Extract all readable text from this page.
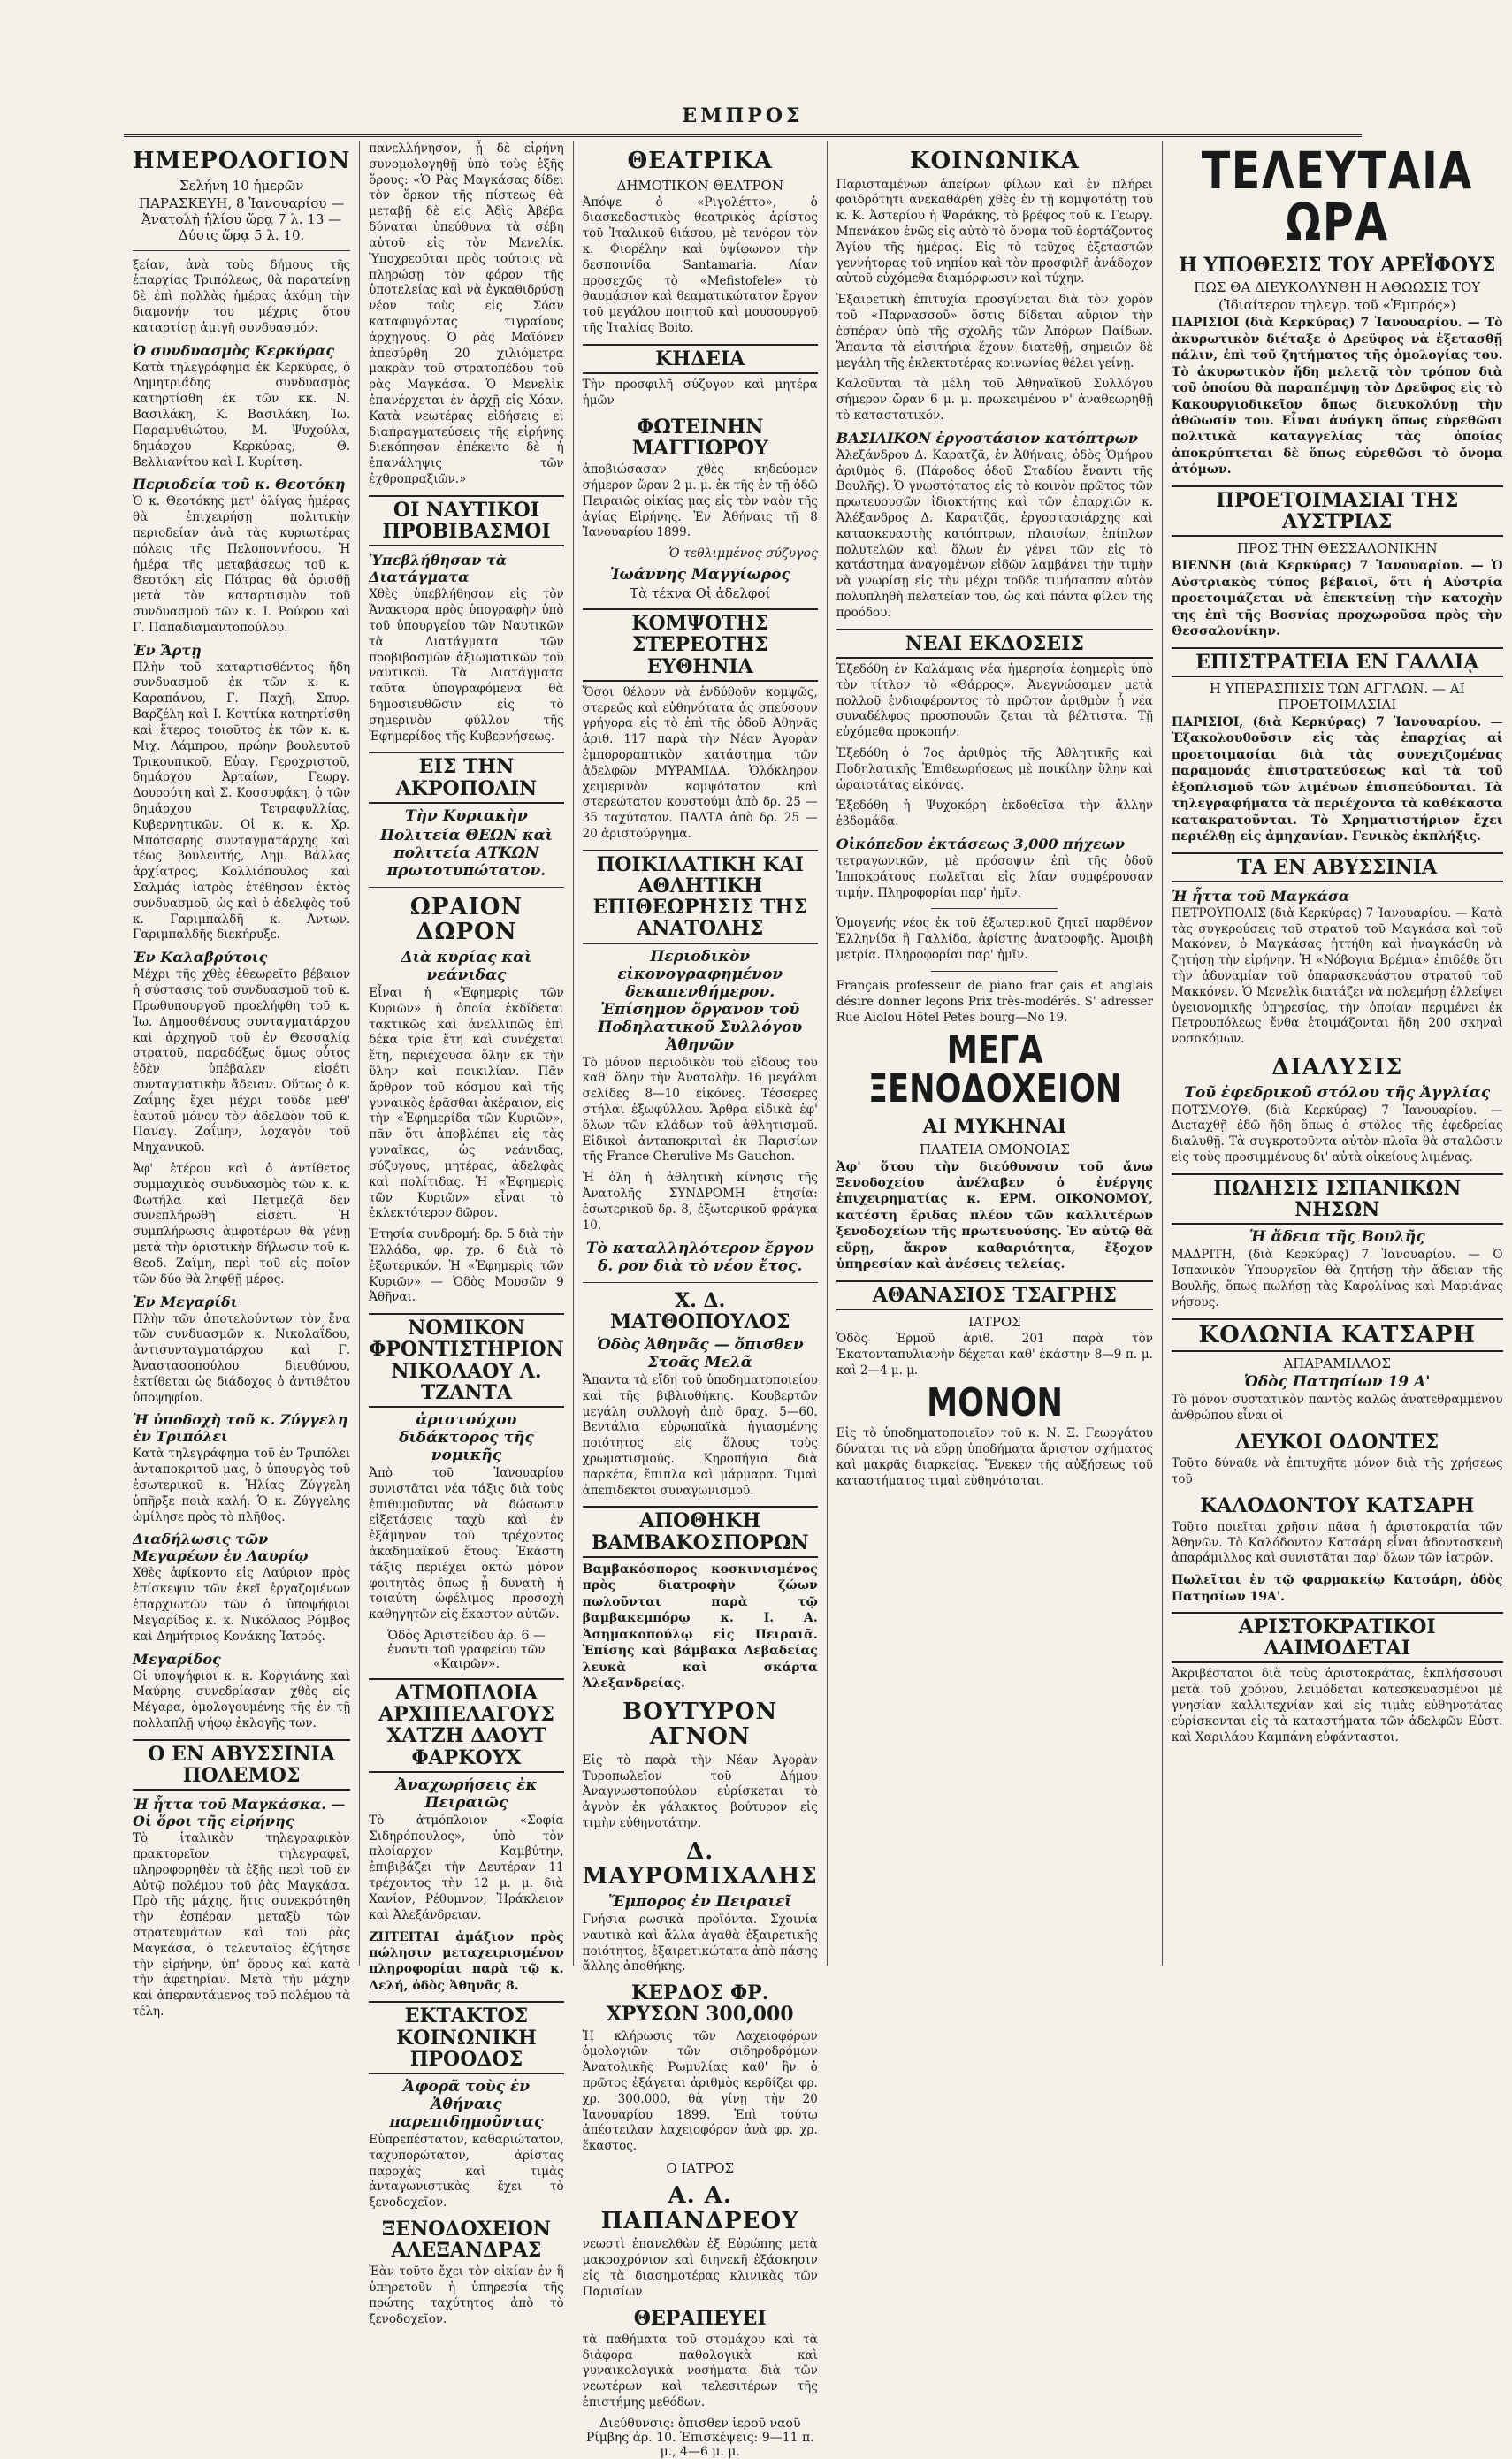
ΕΜΠΡΟΣ
ΗΜΕΡΟΛΟΓΙΟΝ
Σελήνη 10 ἡμερῶν
ΠΑΡΑΣΚΕΥΗ, 8 Ἰανουαρίου — Ἀνατολὴ ἡλίου ὥρᾳ 7 λ. 13 — Δύσις ὥρᾳ 5 λ. 10.

ξείαν, ἀνὰ τοὺς δήμους τῆς ἐπαρχίας Τριπόλεως, θὰ παρατείνῃ δὲ ἐπὶ πολλὰς ἡμέρας ἀκόμη τὴν διαμονήν του μέχρις ὅτου καταρτίσῃ ἀμιγῆ συνδυασμόν.

Ὁ συνδυασμὸς Κερκύρας

Κατὰ τηλεγράφημα ἐκ Κερκύρας, ὁ Δημητριάδης συνδυασμὸς κατηρτίσθη ἐκ τῶν κκ. Ν. Βασιλάκη, Κ. Βασιλάκη, Ἰω. Παραμυθιώτου, Μ. Ψυχούλα, δημάρχου Κερκύρας, Θ. Βελλιανίτου καὶ Ι. Κυρίτση.

Περιοδεία τοῦ κ. Θεοτόκη

Ὁ κ. Θεοτόκης μετ' ὀλίγας ἡμέρας θὰ ἐπιχειρήσῃ πολιτικὴν περιοδείαν ἀνὰ τὰς κυριωτέρας πόλεις τῆς Πελοποννήσου. Ἡ ἡμέρα τῆς μεταβάσεως τοῦ κ. Θεοτόκη εἰς Πάτρας θὰ ὁρισθῇ μετὰ τὸν καταρτισμὸν τοῦ συνδυασμοῦ τῶν κ. Ι. Ρούφου καὶ Γ. Παπαδιαμαντοπούλου.

Ἐν Ἄρτῃ

Πλὴν τοῦ καταρτισθέντος ἤδη συνδυασμοῦ ἐκ τῶν κ. κ. Καραπάνου, Γ. Παχῆ, Σπυρ. Βαρζέλη καὶ Ι. Κοττίκα κατηρτίσθη καὶ ἕτερος τοιοῦτος ἐκ τῶν κ. κ. Μιχ. Λάμπρου, πρώην βουλευτοῦ Τρικουπικοῦ, Εὐαγ. Γεροχριστοῦ, δημάρχου Ἀρταίων, Γεωργ. Δουρούτη καὶ Σ. Κοσσυφάκη, ὁ τῶν δημάρχου Τετραφυλλίας, Κυβερνητικῶν. Οἱ κ. κ. Χρ. Μπότσαρης συνταγματάρχης καὶ τέως βουλευτής, Δημ. Βάλλας ἀρχίατρος, Κολλιόπουλος καὶ Σαλμάς ἰατρὸς ἐτέθησαν ἐκτὸς συνδυασμοῦ, ὡς καὶ ὁ ἀδελφὸς τοῦ κ. Γαριμπαλδῆ κ. Ἀντων. Γαριμπαλδῆς διεκήρυξε.

Ἐν Καλαβρύτοις

Μέχρι τῆς χθὲς ἐθεωρεῖτο βέβαιον ἡ σύστασις τοῦ συνδυασμοῦ τοῦ κ. Πρωθυπουργοῦ προελήφθη τοῦ κ. Ἰω. Δημοσθένους συνταγματάρχου καὶ ἀρχηγοῦ τοῦ ἐν Θεσσαλίᾳ στρατοῦ, παραδόξως ὅμως οὗτος ἐδὲν ὑπέβαλεν εἰσέτι συνταγματικὴν ἄδειαν. Οὕτως ὁ κ. Ζαΐμης ἔχει μέχρι τοῦδε μεθ' ἑαυτοῦ μόνον τὸν ἀδελφὸν τοῦ κ. Παναγ. Ζαΐμην, λοχαγὸν τοῦ Μηχανικοῦ.

Ἀφ' ἑτέρου καὶ ὁ ἀντίθετος συμμαχικὸς συνδυασμὸς τῶν κ. κ. Φωτήλα καὶ Πετμεζᾶ δὲν συνεπλήρωθη εἰσέτι. Ἡ συμπλήρωσις ἀμφοτέρων θὰ γένῃ μετὰ τὴν ὁριστικὴν δήλωσιν τοῦ κ. Θεοδ. Ζαΐμη, περὶ τοῦ εἰς ποῖον τῶν δύο θὰ ληφθῇ μέρος.

Ἐν Μεγαρίδι

Πλὴν τῶν ἀποτελούντων τὸν ἕνα τῶν συνδυασμῶν κ. Νικολαΐδου, ἀντισυνταγματάρχου καὶ Γ. Ἀναστασοπούλου διευθύνου, ἐκτίθεται ὡς διάδοχος ὁ ἀντιθέτου ὑποψηφίου.

Ἡ ὑποδοχὴ τοῦ κ. Ζύγγελη ἐν Τριπόλει

Κατὰ τηλεγράφημα τοῦ ἐν Τριπόλει ἀνταποκριτοῦ μας, ὁ ὑπουργὸς τοῦ ἐσωτερικοῦ κ. Ἠλίας Ζύγγελη ὑπῆρξε ποιὰ καλή. Ὁ κ. Ζύγγελης ὡμίλησε πρὸς τὸ πλῆθος.

Διαδήλωσις τῶν Μεγαρέων ἐν Λαυρίῳ

Χθὲς ἀφίκοντο εἰς Λαύριον πρὸς ἐπίσκεψιν τῶν ἐκεῖ ἐργαζομένων ἐπαρχιωτῶν τῶν ὁ ὑποψήφιοι Μεγαρίδος κ. κ. Νικόλαος Ρόμβος καὶ Δημήτριος Κονάκης Ἰατρός.

Μεγαρίδος

Οἱ ὑποψήφιοι κ. κ. Κοργιάνης καὶ Μαύρης συνεδρίασαν χθὲς εἰς Μέγαρα, ὁμολογουμένης τῆς ἐν τῇ πολλαπλῇ ψήφῳ ἐκλογῆς των.

Ο ΕΝ ΑΒΥΣΣΙΝΙΑ ΠΟΛΕΜΟΣ
Ἡ ἧττα τοῦ Μαγκάσκα. — Οἱ ὅροι τῆς εἰρήνης

Τὸ ἰταλικὸν τηλεγραφικὸν πρακτορεῖον τηλεγραφεῖ, πληροφορηθὲν τὰ ἐξῆς περὶ τοῦ ἐν Αὐτῷ πολέμου τοῦ ῥὰς Μαγκάσα. Πρὸ τῆς μάχης, ἥτις συνεκρότηθη τὴν ἐσπέραν μεταξὺ τῶν στρατευμάτων καὶ τοῦ ῥὰς Μαγκάσα, ὁ τελευταῖος ἐζήτησε τὴν εἰρήνην, ὑπ' ὅρους καὶ κατὰ τὴν ἀφετηρίαν. Μετὰ τὴν μάχην καὶ ἀπεραντάμενος τοῦ πολέμου τὰ τέλη.

πανελλήνησον, ᾗ δὲ εἰρήνη συνομολογηθῇ ὑπὸ τοὺς ἑξῆς ὅρους: «Ὁ Ρὰς Μαγκάσας δίδει τὸν ὅρκον τῆς πίστεως θὰ μεταβῇ δὲ εἰς Ἀδὶς Ἀβέβα δύναται ὑπεύθυνα τὰ σέβη αὐτοῦ εἰς τὸν Μενελίκ. Ὑποχρεοῦται πρὸς τούτοις νὰ πληρώσῃ τὸν φόρον τῆς ὑποτελείας καὶ νὰ ἐγκαθιδρύσῃ νέον τοὺς εἰς Σόαν καταφυγόντας τιγραίους ἀρχηγούς. Ὁ ρὰς Μαϊόνεν ἀπεσύρθη 20 χιλιόμετρα μακρὰν τοῦ στρατοπέδου τοῦ ρὰς Μαγκάσα. Ὁ Μενελὶκ ἐπανέρχεται ἐν ἀρχῇ εἰς Χόαν. Κατὰ νεωτέρας εἰδήσεις εἰ διαπραγματεύσεις τῆς εἰρήνης διεκόπησαν ἐπέκειτο δὲ ἡ ἐπανάληψις τῶν ἐχθροπραξιῶν.»

ΟΙ ΝΑΥΤΙΚΟΙ ΠΡΟΒΙΒΑΣΜΟΙ
Ὑπεβλήθησαν τὰ Διατάγματα

Χθὲς ὑπεβλήθησαν εἰς τὸν Ἄνακτορα πρὸς ὑπογραφὴν ὑπὸ τοῦ ὑπουργείου τῶν Ναυτικῶν τὰ Διατάγματα τῶν προβιβασμῶν ἀξιωματικῶν τοῦ ναυτικοῦ. Τὰ Διατάγματα ταῦτα ὑπογραφόμενα θὰ δημοσιευθῶσιν εἰς τὸ σημερινὸν φύλλον τῆς Ἐφημερίδος τῆς Κυβερνήσεως.

ΕΙΣ ΤΗΝ ΑΚΡΟΠΟΛΙΝ
Τὴν Κυριακὴν
Πολιτεία ΘΕΩΝ καὶ πολιτεία ΑΤΚΩΝ πρωτοτυπώτατον.
ΩΡΑΙΟΝ ΔΩΡΟΝ
Διὰ κυρίας καὶ νεάνιδας

Εἶναι ἡ «Ἐφημερὶς τῶν Κυριῶν» ἡ ὁποία ἐκδίδεται τακτικῶς καὶ ἀνελλιπῶς ἐπὶ δέκα τρία ἔτη καὶ συνέχεται ἔτη, περιέχουσα ὅλην ἐκ τὴν ὕλην καὶ ποικιλίαν. Πᾶν ἄρθρον τοῦ κόσμου καὶ τῆς γυναικὸς ἐρᾶσθαι ἀκέραιον, εἰς τὴν «Ἐφημερίδα τῶν Κυριῶν», πᾶν ὅτι ἀποβλέπει εἰς τὰς γυναῖκας, ὡς νεάνιδας, σύζυγους, μητέρας, ἀδελφὰς καὶ πολίτιδας. Ἡ «Ἐφημερὶς τῶν Κυριῶν» εἶναι τὸ ἐκλεκτότερον δῶρον.

Ἐτησία συνδρομή: δρ. 5 διὰ τὴν Ἑλλάδα, φρ. χρ. 6 διὰ τὸ ἐξωτερικόν. Ἡ «Ἐφημερὶς τῶν Κυριῶν» — Ὁδὸς Μουσῶν 9 Ἀθῆναι.

ΝΟΜΙΚΟΝ ΦΡΟΝΤΙΣΤΗΡΙΟΝ ΝΙΚΟΛΑΟΥ Λ. ΤΖΑΝΤΑ
ἀριστούχου διδάκτορος τῆς νομικῆς

Ἀπὸ τοῦ Ἰανουαρίου συνιστᾶται νέα τάξις διὰ τοὺς ἐπιθυμοῦντας νὰ δώσωσιν εἰξετάσεις ταχὺ καὶ ἐν ἐξάμηνον τοῦ τρέχοντος ἀκαδημαϊκοῦ ἔτους. Ἑκάστη τάξις περιέχει ὀκτὼ μόνον φοιτητὰς ὅπως ᾖ δυνατὴ ἡ τοιαύτη ὠφέλιμος προσοχὴ καθηγητῶν εἰς ἕκαστον αὐτῶν.

Ὁδὸς Ἀριστείδου ἀρ. 6 — ἐναντι τοῦ γραφείου τῶν «Καιρῶν».
ΑΤΜΟΠΛΟΙΑ ΑΡΧΙΠΕΛΑΓΟΥΣ ΧΑΤΖΗ ΔΑΟΥΤ ΦΑΡΚΟΥΧ
Ἀναχωρήσεις ἐκ Πειραιῶς

Τὸ ἀτμόπλοιον «Σοφία Σιδηρόπουλος», ὑπὸ τὸν πλοίαρχον Καμβύτην, ἐπιβιβάζει τὴν Δευτέραν 11 τρέχοντος τὴν 12 μ. μ. διὰ Χανίον, Ρέθυμνον, Ἡράκλειον καὶ Ἀλεξάνδρειαν.

ΖΗΤΕΙΤΑΙ ἀμάξιον πρὸς πώλησιν μεταχειρισμένον πληροφορίαι παρὰ τῷ κ. Δελή, ὁδὸς Ἀθηνᾶς 8.

ΕΚΤΑΚΤΟΣ ΚΟΙΝΩΝΙΚΗ ΠΡΟΟΔΟΣ
Ἀφορᾶ τοὺς ἐν Ἀθήναις παρεπιδημοῦντας

Εὐπρεπέστατον, καθαριώτατον, ταχυπορώτατον, ἀρίστας παροχὰς καὶ τιμὰς ἀνταγωνιστικὰς ἔχει τὸ ξενοδοχεῖον.

ΞΕΝΟΔΟΧΕΙΟΝ ΑΛΕΞΑΝΔΡΑΣ

Ἐὰν τοῦτο ἔχει τὸν οἰκίαν ἐν ἣ ὑπηρετοῦν ἡ ὑπηρεσία τῆς πρώτης ταχύτητος ἀπὸ τὸ ξενοδοχεῖον.

ΘΕΑΤΡΙΚΑ
ΔΗΜΟΤΙΚΟΝ ΘΕΑΤΡΟΝ

Ἀπόψε ὁ «Ριγολέττο», ὁ διασκεδαστικὸς θεατρικὸς ἀρίστος τοῦ Ἰταλικοῦ θιάσου, μὲ τενόρον τὸν κ. Φιορέλην καὶ ὑψίφωνον τὴν δεσποινίδα Santamaria. Λίαν προσεχῶς τὸ «Mefistofele» τὸ θαυμάσιον καὶ θεαματικώτατον ἔργον τοῦ μεγάλου ποιητοῦ καὶ μουσουργοῦ τῆς Ἰταλίας Boito.

ΚΗΔΕΙΑ

Τὴν προσφιλῆ σύζυγον καὶ μητέρα ἡμῶν

ΦΩΤΕΙΝΗΝ ΜΑΓΓΙΩΡΟΥ

ἀποβιώσασαν χθὲς κηδεύομεν σήμερον ὥραν 2 μ. μ. ἐκ τῆς ἐν τῇ ὁδῷ Πειραιῶς οἰκίας μας εἰς τὸν ναὸν τῆς ἁγίας Εἰρήνης. Ἐν Ἀθήναις τῇ 8 Ἰανουαρίου 1899.

Ὁ τεθλιμμένος σύζυγος
Ἰωάννης Μαγγίωρος
Τὰ τέκνα Οἱ ἀδελφοί
ΚΟΜΨΟΤΗΣ ΣΤΕΡΕΟΤΗΣ ΕΥΘΗΝΙΑ

Ὅσοι θέλουν νὰ ἐνδύθοῦν κομψῶς, στερεῶς καὶ εὐθηνότατα ἀς σπεύσουν γρήγορα εἰς τὸ ἐπὶ τῆς ὁδοῦ Ἀθηνᾶς ἀριθ. 117 παρὰ τὴν Νέαν Ἀγορὰν ἐμποροραπτικὸν κατάστημα τῶν ἀδελφῶν ΜΥΡΑΜΙΔΑ. Ὁλόκληρον χειμερινὸν κομψότατον καὶ στερεώτατον κουστούμι ἀπὸ δρ. 25 — 35 ταχύτατον. ΠΑΛΤΑ ἀπὸ δρ. 25 — 20 ἀριστούργημα.

ΠΟΙΚΙΛΑΤΙΚΗ ΚΑΙ ΑΘΛΗΤΙΚΗ ΕΠΙΘΕΩΡΗΣΙΣ ΤΗΣ ΑΝΑΤΟΛΗΣ
Περιοδικὸν εἰκονογραφημένον δεκαπενθήμερον. Ἐπίσημον ὄργανον τοῦ Ποδηλατικοῦ Συλλόγου Ἀθηνῶν

Τὸ μόνον περιοδικὸν τοῦ εἴδους του καθ' ὅλην τὴν Ἀνατολὴν. 16 μεγάλαι σελίδες 8—10 εἰκόνες. Τέσσερες στήλαι ἐξωφύλλου. Ἄρθρα εἰδικὰ ἐφ' ὅλων τῶν κλάδων τοῦ ἀθλητισμοῦ. Εἰδικοὶ ἀνταποκριταὶ ἐκ Παρισίων τῆς France Cherulive Ms Gauchon.

Ἡ ὀλη ἡ ἀθλητικὴ κίνησις τῆς Ἀνατολῆς ΣΥΝΔΡΟΜΗ ἐτησία: ἐσωτερικοῦ δρ. 8, ἐξωτερικοῦ φράγκα 10.

Τὸ καταλληλότερον ἔργον δ. ρον διὰ τὸ νέον ἔτος.
Χ. Δ. ΜΑΤΘΟΠΟΥΛΟΣ
Ὁδὸς Ἀθηνᾶς — ὄπισθεν Στοᾶς Μελᾶ

Ἅπαντα τὰ εἴδη τοῦ ὑποδηματοποιείου καὶ τῆς βιβλιοθήκης. Κουβερτῶν μεγάλη συλλογὴ ἀπὸ δραχ. 5—60. Βεντάλια εὐρωπαϊκὰ ἡγιασμένης ποιότητος εἰς ὅλους τοὺς χρωματισμούς. Κηροπήγια διὰ παρκέτα, ἔπιπλα καὶ μάρμαρα. Τιμαὶ ἀπεπιδεκτοι συναγωνισμοῦ.

ΑΠΟΘΗΚΗ ΒΑΜΒΑΚΟΣΠΟΡΩΝ

Βαμβακόσπορος κοσκινισμένος πρὸς διατροφὴν ζώων πωλοῦνται παρὰ τῷ βαμβακεμπόρῳ κ. Ι. Α. Ἀσημακοπούλῳ εἰς Πειραιᾶ. Ἐπίσης καὶ βάμβακα Λεβαδείας λευκὰ καὶ σκάρτα Ἀλεξανδρείας.

ΒΟΥΤΥΡΟΝ ΑΓΝΟΝ

Εἰς τὸ παρὰ τὴν Νέαν Ἀγορὰν Τυροπωλεῖον τοῦ Δήμου Ἀναγνωστοπούλου εὑρίσκεται τὸ ἀγνὸν ἐκ γάλακτος βούτυρον εἰς τιμὴν εὐθηνοτάτην.

Δ. ΜΑΥΡΟΜΙΧΑΛΗΣ
Ἔμπορος ἐν Πειραιεῖ

Γνήσια ρωσικὰ προϊόντα. Σχοινία ναυτικὰ καὶ ἄλλα ἀγαθὰ ἐξαιρετικῆς ποιότητος, ἐξαιρετικώτατα ἀπὸ πάσης ἄλλης ἀποθήκης.

ΚΕΡΔΟΣ ΦΡ. ΧΡΥΣΩΝ 300,000

Ἡ κλήρωσις τῶν Λαχειοφόρων ὁμολογιῶν τῶν σιδηροδρόμων Ἀνατολικῆς Ρωμυλίας καθ' ἣν ὁ πρῶτος ἐξάγεται ἀριθμὸς κερδίζει φρ. χρ. 300.000, θὰ γίνῃ τὴν 20 Ἰανουαρίου 1899. Ἐπὶ τούτῳ ἀπέστειλαν λαχειοφόρον ἀνὰ φρ. χρ. ἕκαστος.

Ο ΙΑΤΡΟΣ
Α. Α. ΠΑΠΑΝΔΡΕΟΥ

νεωστὶ ἐπανελθὼν ἐξ Εὐρώπης μετὰ μακροχρόνιον καὶ διηνεκῆ ἐξάσκησιν εἰς τὰ διασημοτέρας κλινικὰς τῶν Παρισίων

ΘΕΡΑΠΕΥΕΙ

τὰ παθήματα τοῦ στομάχου καὶ τὰ διάφορα παθολογικὰ καὶ γυναικολογικὰ νοσήματα διὰ τῶν νεωτέρων καὶ τελεσιτέρων τῆς ἐπιστήμης μεθόδων.

Διεύθυνσις: ὄπισθεν ἱεροῦ ναοῦ Ρίμβης ἀρ. 10. Ἐπισκέψεις: 9—11 π. μ., 4—6 μ. μ.
ΚΟΙΝΩΝΙΚΑ

Παρισταμένων ἀπείρων φίλων καὶ ἐν πλήρει φαιδρότητι ἀνεκαθάρθη χθὲς ἐν τῇ κομψοτάτῃ τοῦ κ. Κ. Ἀστερίου ἡ Ψαράκης, τὸ βρέφος τοῦ κ. Γεωργ. Μπενάκου ἐνῶς εἰς αὐτὸ τὸ ὄνομα τοῦ ἑορτάζοντος Ἁγίου τῆς ἡμέρας. Εἰς τὸ τεῦχος ἐξεταστῶν γεννήτορας τοῦ νηπίου καὶ τὸν προσφιλῆ ἀνάδοχον αὐτοῦ εὐχόμεθα διαμόρφωσιν καὶ τύχην.

Ἐξαιρετικὴ ἐπιτυχία προσγίνεται διὰ τὸν χορὸν τοῦ «Παρνασσοῦ» ὅστις δίδεται αὔριον τὴν ἑσπέραν ὑπὸ τῆς σχολῆς τῶν Ἀπόρων Παίδων. Ἅπαντα τὰ εἰσιτήρια ἔχουν διατεθῇ, σημειῶν δὲ μεγάλη τῆς ἐκλεκτοτέρας κοινωνίας θέλει γείνῃ.

Καλοῦνται τὰ μέλη τοῦ Ἀθηναϊκοῦ Συλλόγου σήμερον ὥραν 6 μ. μ. πρωκειμένου ν' ἀναθεωρηθῇ τὸ καταστατικόν.

ΒΑΣΙΛΙΚΟΝ ἐργοστάσιον κατόπτρων

Ἀλεξάνδρου Δ. Καρατζᾶ, ἐν Ἀθήναις, ὁδὸς Ὁμήρου ἀριθμὸς 6. (Πάροδος ὁδοῦ Σταδίου ἔναντι τῆς Βουλῆς). Ὁ γνωστότατος εἰς τὸ κοινὸν πρῶτος τῶν πρωτευουσῶν ἰδιοκτήτης καὶ τῶν ἐπαρχιῶν κ. Ἀλέξανδρος Δ. Καρατζᾶς, ἐργοστασιάρχης καὶ κατασκευαστὴς κατόπτρων, πλαισίων, ἐπίπλων πολυτελῶν καὶ ὅλων ἐν γένει τῶν εἰς τὸ κατάστημα ἀναγομένων εἰδῶν λαμβάνει τὴν τιμὴν νὰ γνωρίσῃ εἰς τὴν μέχρι τοῦδε τιμήσασαν αὐτὸν πολυπληθὴ πελατείαν του, ὡς καὶ πάντα φίλον τῆς προόδου.

ΝΕΑΙ ΕΚΔΟΣΕΙΣ

Ἐξεδόθη ἐν Καλάμαις νέα ἡμερησία ἐφημερὶς ὑπὸ τὸν τίτλον τὸ «Θάρρος». Ἀνεγνώσαμεν μετὰ πολλοῦ ἐνδιαφέροντος τὸ πρῶτον ἀριθμὸν ᾗ νέα συναδέλφος προσπουῶν ζεται τὰ βέλτιστα. Τῇ εὐχόμεθα προκοπήν.

Ἐξεδόθη ὁ 7ος ἀριθμὸς τῆς Ἀθλητικῆς καὶ Ποδηλατικῆς Ἐπιθεωρήσεως μὲ ποικίλην ὕλην καὶ ὡραιοτάτας εἰκόνας.

Ἐξεδόθη ἡ Ψυχοκόρη ἐκδοθεῖσα τὴν ἄλλην ἐβδομάδα.

Οἰκόπεδον ἐκτάσεως 3,000 πήχεων

τετραγωνικῶν, μὲ πρόσοψιν ἐπὶ τῆς ὁδοῦ Ἱπποκράτους πωλεῖται εἰς λίαν συμφέρουσαν τιμήν. Πληροφορίαι παρ' ἡμῖν.

Ὁμογενής νέος ἐκ τοῦ ἐξωτερικοῦ ζητεῖ παρθένον Ἑλληνίδα ἢ Γαλλίδα, ἀρίστης ἀνατροφῆς. Ἀμοιβὴ μετρία. Πληροφορίαι παρ' ἡμῖν.

Français professeur de piano frar çais et anglais désire donner leçons Prix très-modérés. S' adresser Rue Aiolou Hôtel Petes bourg—No 19.

ΜΕΓΑ ΞΕΝΟΔΟΧΕΙΟΝ
ΑΙ ΜΥΚΗΝΑΙ
ΠΛΑΤΕΙΑ ΟΜΟΝΟΙΑΣ

Ἀφ' ὅτου τὴν διεύθυνσιν τοῦ ἄνω Ξενοδοχείου ἀνέλαβεν ὁ ἐνέργης ἐπιχειρηματίας κ. ΕΡΜ. ΟΙΚΟΝΟΜΟΥ, κατέστη ἔριδας πλέον τῶν καλλιτέρων ξενοδοχείων τῆς πρωτευούσης. Ἐν αὐτῷ θὰ εὕρῃ, ἄκρον καθαριότητα, ἔξοχον ὑπηρεσίαν καὶ ἀνέσεις τελείας.

ΑΘΑΝΑΣΙΟΣ ΤΣΑΓΡΗΣ
ΙΑΤΡΟΣ

Ὁδὸς Ἑρμοῦ ἀριθ. 201 παρὰ τὸν Ἐκατονταπυλιανὴν δέχεται καθ' ἑκάστην 8—9 π. μ. καὶ 2—4 μ. μ.

ΜΟΝΟΝ

Εἰς τὸ ὑποδηματοποιεῖον τοῦ κ. Ν. Ξ. Γεωργάτου δύναται τις νὰ εὕρῃ ὑποδήματα ἄριστον σχήματος καὶ μακρᾶς διαρκείας. Ἕνεκεν τῆς αὐξήσεως τοῦ καταστήματος τιμαὶ εὐθηνόταται.

ΤΕΛΕΥΤΑΙΑ ΩΡΑ
Η ΥΠΟΘΕΣΙΣ ΤΟΥ ΑΡΕΪΦΟΥΣ
ΠΩΣ ΘΑ ΔΙΕΥΚΟΛΥΝΘΗ Η ΑΘΩΩΣΙΣ ΤΟΥ
(Ἰδιαίτερον τηλεγρ. τοῦ «Ἐμπρός»)

ΠΑΡΙΣΙΟΙ (διὰ Κερκύρας) 7 Ἰανουαρίου. — Τὸ ἀκυρωτικὸν διέταξε ὁ Δρεϋφος νὰ ἐξετασθῇ πάλιν, ἐπὶ τοῦ ζητήματος τῆς ὁμολογίας του. Τὸ ἀκυρωτικὸν ἤδη μελετᾷ τὸν τρόπον διὰ τοῦ ὁποίου θὰ παραπέμψῃ τὸν Δρεϋφος εἰς τὸ Κακουργιοδικεῖον ὅπως διευκολύνῃ τὴν ἀθῶωσίν του. Εἶναι ἀνάγκη ὅπως εὑρεθῶσι πολιτικὰ καταγγελίας τὰς ὁποίας ἀποκρύπτεται δὲ ὅπως εὑρεθῶσι τὸ ὄνομα ἀτόμων.

ΠΡΟΕΤΟΙΜΑΣΙΑΙ ΤΗΣ ΑΥΣΤΡΙΑΣ
ΠΡΟΣ ΤΗΝ ΘΕΣΣΑΛΟΝΙΚΗΝ

ΒΙΕΝΝΗ (διὰ Κερκύρας) 7 Ἰανουαρίου. — Ὁ Αὐστριακὸς τύπος βέβαιοῖ, ὅτι ἡ Αὐστρία προετοιμάζεται νὰ ἐπεκτείνῃ τὴν κατοχὴν της ἐπὶ τῆς Βοσνίας προχωροῦσα πρὸς τὴν Θεσσαλονίκην.

ΕΠΙΣΤΡΑΤΕΙΑ ΕΝ ΓΑΛΛΙᾼ
Η ΥΠΕΡΑΣΠΙΣΙΣ ΤΩΝ ΑΓΓΛΩΝ. — ΑΙ ΠΡΟΕΤΟΙΜΑΣΙΑΙ

ΠΑΡΙΣΙΟΙ, (διὰ Κερκύρας) 7 Ἰανουαρίου. — Ἐξακολουθοῦσιν εἰς τὰς ἐπαρχίας αἱ προετοιμασίαι διὰ τὰς συνεχιζομένας παραμονάς ἐπιστρατεύσεως καὶ τὰ τοῦ ἐξοπλισμοῦ τῶν λιμένων ἐπισπεύδονται. Τὰ τηλεγραφήματα τὰ περιέχοντα τὰ καθέκαστα κατακρατοῦνται. Τὸ Χρηματιστήριον ἔχει περιέλθῃ εἰς ἀμηχανίαν. Γενικὸς ἐκπλήξις.

ΤΑ ΕΝ ΑΒΥΣΣΙΝΙΑ
Ἡ ἧττα τοῦ Μαγκάσα

ΠΕΤΡΟΥΠΟΛΙΣ (διὰ Κερκύρας) 7 Ἰανουαρίου. — Κατὰ τὰς συγκρούσεις τοῦ στρατοῦ τοῦ Μαγκάσα καὶ τοῦ Μακόνεν, ὁ Μαγκάσας ἡττήθη καὶ ἠναγκάσθη νὰ ζητήσῃ τὴν εἰρήνην. Ἡ «Νόβογια Βρέμια» ἐπιδέθε ὅτι τὴν ἀδυναμίαν τοῦ ὀπαρασκευάστου στρατοῦ τοῦ Μακκόνεν. Ὁ Μενελὶκ διατάζει νὰ πολεμήσῃ ἐλλείψει ὑγειονομικῆς ὑπηρεσίας, τὴν ὁποίαν περιμένει ἐκ Πετρουπόλεως ἔνθα ἑτοιμάζονται ἤδη 200 σκηναὶ νοσοκόμων.

ΔΙΑΛΥΣΙΣ
Τοῦ ἐφεδρικοῦ στόλου τῆς Ἀγγλίας

ΠΟΤΣΜΟΥΘ, (διὰ Κερκύρας) 7 Ἰανουαρίου. — Διεταχθῇ ἐδῶ ἤδη ὅπως ὁ στόλος τῆς ἐφεδρείας διαλυθῇ. Τὰ συγκροτοῦντα αὐτὸν πλοῖα θὰ σταλῶσιν εἰς τοὺς προσιμμένους δι' αὐτὰ οἰκείους λιμένας.

ΠΩΛΗΣΙΣ ΙΣΠΑΝΙΚΩΝ ΝΗΣΩΝ
Ἡ ἄδεια τῆς Βουλῆς

ΜΑΔΡΙΤΗ, (διὰ Κερκύρας) 7 Ἰανουαρίου. — Ὁ Ἱσπανικὸν Ὑπουργεῖον θὰ ζητήσῃ τὴν ἄδειαν τῆς Βουλῆς, ὅπως πωλήσῃ τὰς Καρολίνας καὶ Μαριάνας νήσους.

ΚΟΛΩΝΙΑ ΚΑΤΣΑΡΗ
ΑΠΑΡΑΜΙΛΛΟΣ
Ὁδὸς Πατησίων 19 Α'

Τὸ μόνον συστατικὸν παντὸς καλῶς ἀνατεθραμμένου ἀνθρώπου εἶναι οἱ

ΛΕΥΚΟΙ ΟΔΟΝΤΕΣ

Τοῦτο δύναθε νὰ ἐπιτυχῆτε μόνον διὰ τῆς χρήσεως τοῦ

ΚΑΛΟΔΟΝΤΟΥ ΚΑΤΣΑΡΗ

Τοῦτο ποιεῖται χρῆσιν πᾶσα ἡ ἀριστοκρατία τῶν Ἀθηνῶν. Τὸ Καλόδοντον Κατσάρη εἶναι ἀδοντοσκευὴ ἀπαράμιλλος καὶ συνιστᾶται παρ' ὅλων τῶν ἰατρῶν.

Πωλεῖται ἐν τῷ φαρμακείῳ Κατσάρη, ὁδὸς Πατησίων 19Α'.

ΑΡΙΣΤΟΚΡΑΤΙΚΟΙ ΛΑΙΜΟΔΕΤΑΙ

Ἀκριβέστατοι διὰ τοὺς ἀριστοκράτας, ἐκπλήσσουσι μετὰ τοῦ χρόνου, λειμόδεται κατεσκευασμένοι μὲ γνησίαν καλλιτεχνίαν καὶ εἰς τιμὰς εὐθηνοτάτας εὑρίσκονται εἰς τὰ καταστήματα τῶν ἀδελφῶν Εὐστ. καὶ Χαριλάου Καμπάνη εὐφάνταστοι.
